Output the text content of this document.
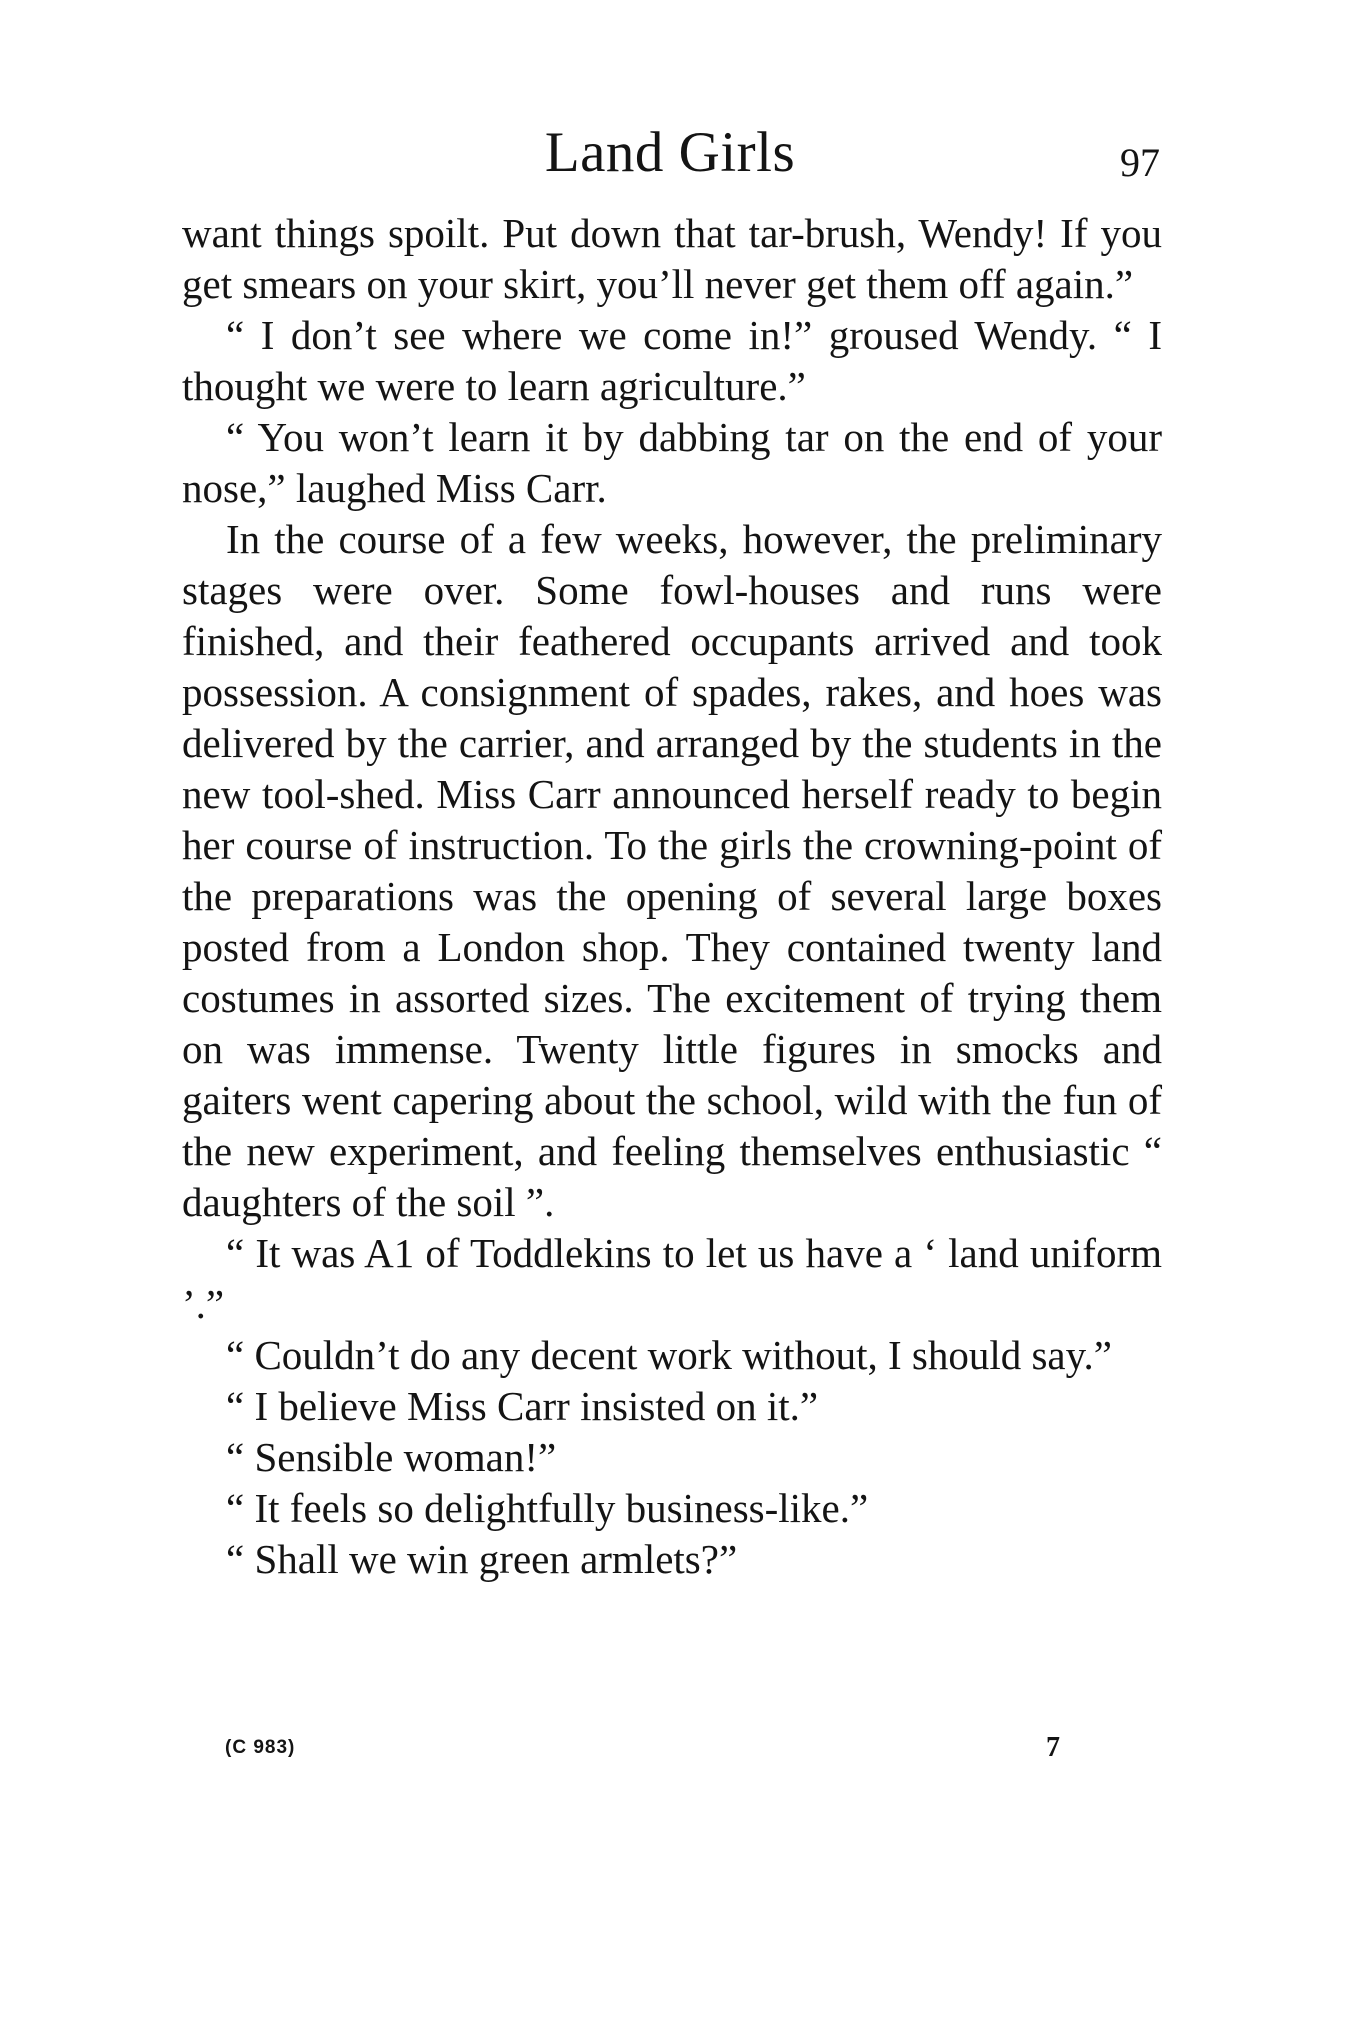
Land Girls	97

want things spoilt. Put down that tar-brush, Wendy! If you get smears on your skirt, you’ll never get them off again.”

“ I don’t see where we come in!” groused Wendy. “ I thought we were to learn agriculture.”

“ You won’t learn it by dabbing tar on the end of your nose,” laughed Miss Carr.

In the course of a few weeks, however, the preliminary stages were over. Some fowl-houses and runs were finished, and their feathered occupants arrived and took possession. A consignment of spades, rakes, and hoes was delivered by the carrier, and arranged by the students in the new tool-shed. Miss Carr announced herself ready to begin her course of instruction. To the girls the crowning-point of the preparations was the opening of several large boxes posted from a London shop. They contained twenty land costumes in assorted sizes. The excitement of trying them on was immense. Twenty little figures in smocks and gaiters went capering about the school, wild with the fun of the new experiment, and feeling themselves enthusiastic “ daughters of the soil ”.

“ It was A1 of Toddlekins to let us have a ‘ land uniform ’.”

“ Couldn’t do any decent work without, I should say.”

“ I believe Miss Carr insisted on it.”

“ Sensible woman!”

“ It feels so delightfully business-like.”

“ Shall we win green armlets?”

(C 983)	7
